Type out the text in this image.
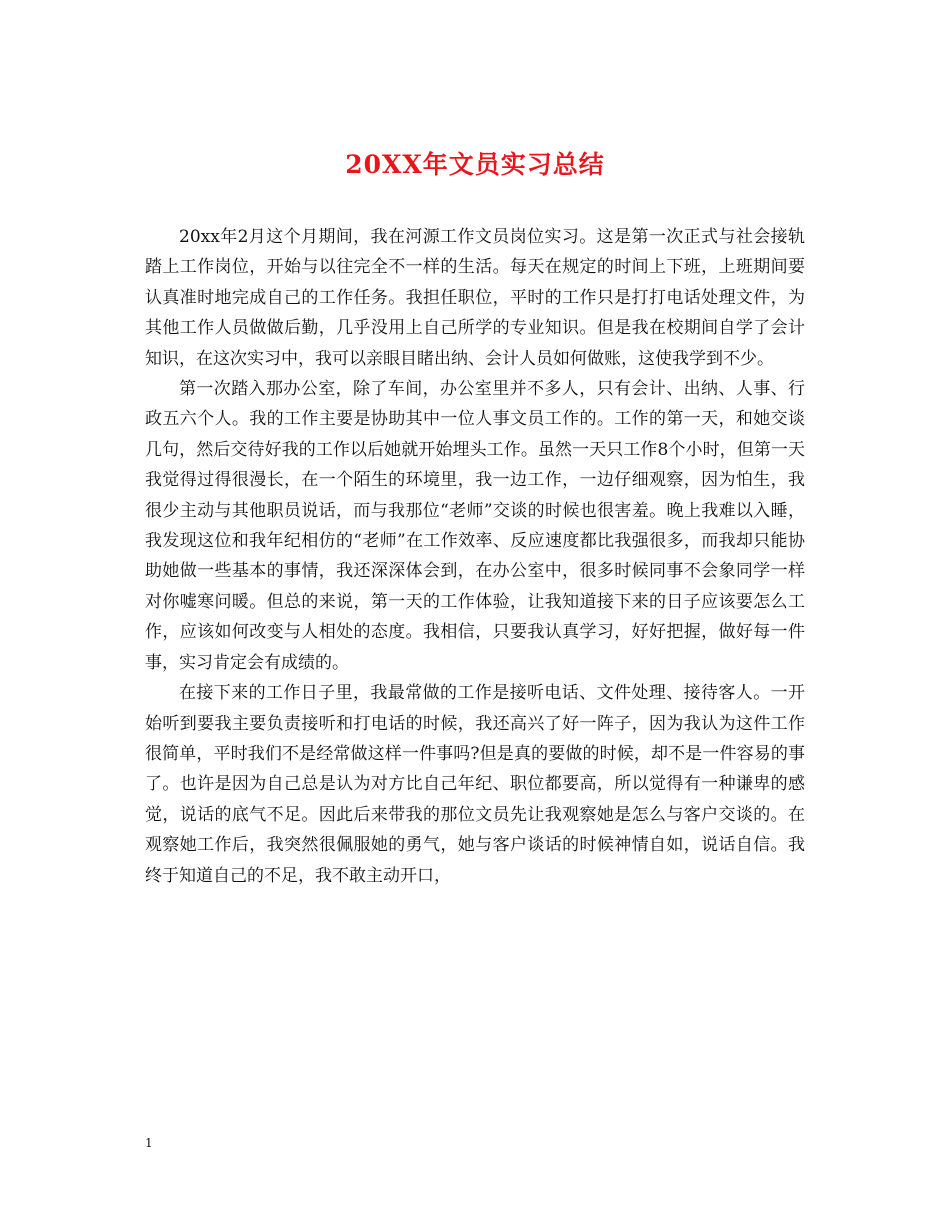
20XX年文员实习总结

20xx年2月这个月期间，我在河源工作文员岗位实习。这是第一次正式与社会接轨踏上工作岗位，开始与以往完全不一样的生活。每天在规定的时间上下班，上班期间要认真准时地完成自己的工作任务。我担任职位，平时的工作只是打打电话处理文件，为其他工作人员做做后勤，几乎没用上自己所学的专业知识。但是我在校期间自学了会计知识，在这次实习中，我可以亲眼目睹出纳、会计人员如何做账，这使我学到不少。

第一次踏入那办公室，除了车间，办公室里并不多人，只有会计、出纳、人事、行政五六个人。我的工作主要是协助其中一位人事文员工作的。工作的第一天，和她交谈几句，然后交待好我的工作以后她就开始埋头工作。虽然一天只工作8个小时，但第一天我觉得过得很漫长，在一个陌生的环境里，我一边工作，一边仔细观察，因为怕生，我很少主动与其他职员说话，而与我那位“老师”交谈的时候也很害羞。晚上我难以入睡，我发现这位和我年纪相仿的“老师”在工作效率、反应速度都比我强很多，而我却只能协助她做一些基本的事情，我还深深体会到，在办公室中，很多时候同事不会象同学一样对你嘘寒问暖。但总的来说，第一天的工作体验，让我知道接下来的日子应该要怎么工作，应该如何改变与人相处的态度。我相信，只要我认真学习，好好把握，做好每一件事，实习肯定会有成绩的。

在接下来的工作日子里，我最常做的工作是接听电话、文件处理、接待客人。一开始听到要我主要负责接听和打电话的时候，我还高兴了好一阵子，因为我认为这件工作很简单，平时我们不是经常做这样一件事吗?但是真的要做的时候，却不是一件容易的事了。也许是因为自己总是认为对方比自己年纪、职位都要高，所以觉得有一种谦卑的感觉，说话的底气不足。因此后来带我的那位文员先让我观察她是怎么与客户交谈的。在观察她工作后，我突然很佩服她的勇气，她与客户谈话的时候神情自如，说话自信。我终于知道自己的不足，我不敢主动开口，

1
